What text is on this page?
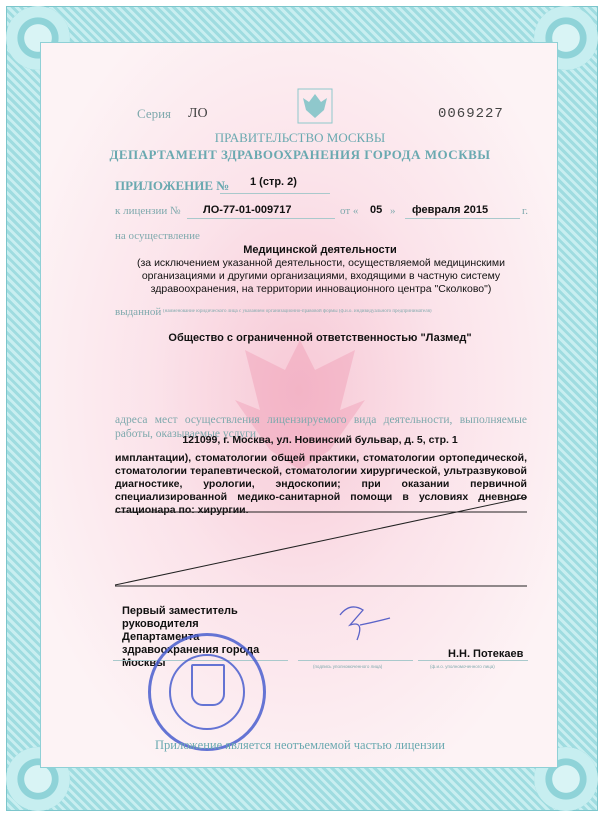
Серия ЛО	0069227
ПРАВИТЕЛЬСТВО МОСКВЫ
ДЕПАРТАМЕНТ ЗДРАВООХРАНЕНИЯ ГОРОДА МОСКВЫ
ПРИЛОЖЕНИЕ № 1 (стр. 2)
к лицензии № ЛО-77-01-009717	от « 05 » февраля 2015	г.
на осуществление
Медицинской деятельности
(за исключением указанной деятельности, осуществляемой медицинскими организациями и другими организациями, входящими в частную систему здравоохранения, на территории инновационного центра "Сколково")
выданной (наименование юридического лица с указанием организационно-правовой формы (ф.и.о. индивидуального предпринимателя)
Общество с ограниченной ответственностью "Лазмед"
адреса мест осуществления лицензируемого вида деятельности, выполняемые работы, оказываемые услуги
121099, г. Москва, ул. Новинский бульвар, д. 5, стр. 1
имплантации), стоматологии общей практики, стоматологии ортопедической, стоматологии терапевтической, стоматологии хирургической, ультразвуковой диагностике, урологии, эндоскопии; при оказании первичной специализированной медико-санитарной помощи в условиях дневного стационара по: хирургии.
Первый заместитель руководителя Департамента здравоохранения города Москвы
Н.Н. Потекаев
(подпись уполномоченного лица)	(ф.и.о. уполномоченного лица)
Приложение является неотъемлемой частью лицензии
